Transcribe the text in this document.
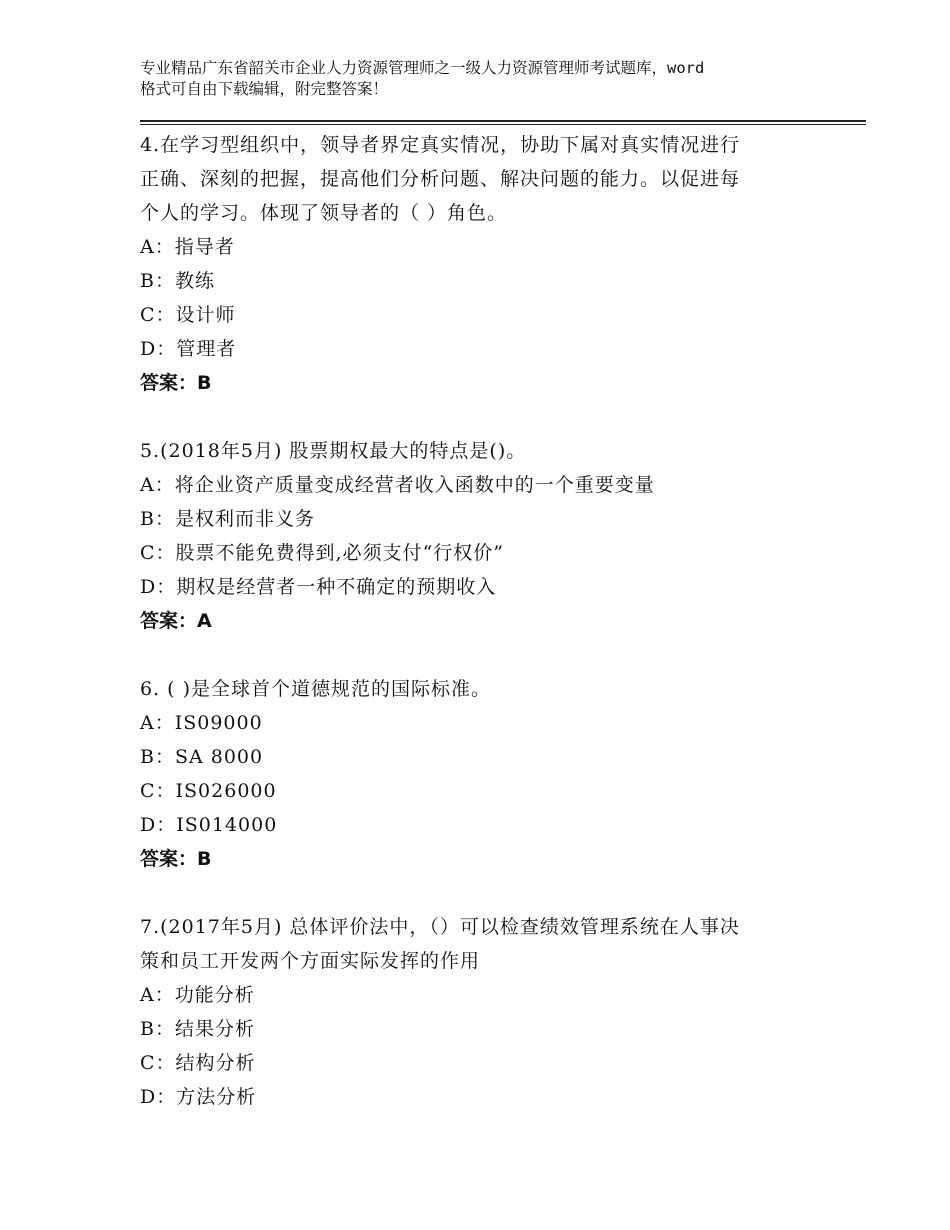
专业精品广东省韶关市企业人力资源管理师之一级人力资源管理师考试题库，word
格式可自由下载编辑，附完整答案！
4.在学习型组织中，领导者界定真实情况，协助下属对真实情况进行
正确、深刻的把握，提高他们分析问题、解决问题的能力。以促进每
个人的学习。体现了领导者的（ ）角色。
A：指导者
B：教练
C：设计师
D：管理者
答案：B
5.(2018年5月) 股票期权最大的特点是()。
A：将企业资产质量变成经营者收入函数中的一个重要变量
B：是权利而非义务
C：股票不能免费得到,必须支付“行权价”
D：期权是经营者一种不确定的预期收入
答案：A
6. ( )是全球首个道德规范的国际标准。
A：IS09000
B：SA 8000
C：IS026000
D：IS014000
答案：B
7.(2017年5月) 总体评价法中，（）可以检查绩效管理系统在人事决
策和员工开发两个方面实际发挥的作用
A：功能分析
B：结果分析
C：结构分析
D：方法分析
